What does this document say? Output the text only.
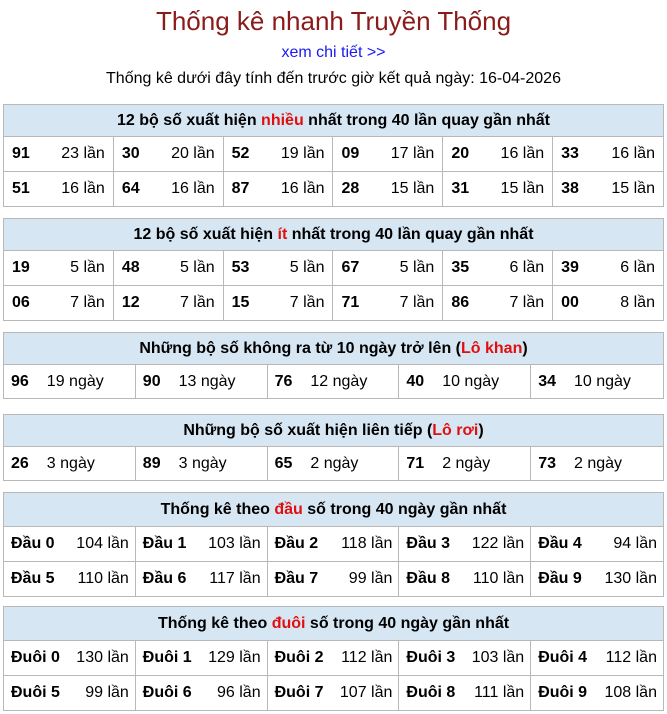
Thống kê nhanh Truyền Thống
xem chi tiết >>
Thống kê dưới đây tính đến trước giờ kết quả ngày: 16-04-2026
12 bộ số xuất hiện nhiều nhất trong 40 lần quay gần nhất
91 23 lần 30 20 lần 52 19 lần 09 17 lần 20 16 lần 33 16 lần
51 16 lần 64 16 lần 87 16 lần 28 15 lần 31 15 lần 38 15 lần
12 bộ số xuất hiện ít nhất trong 40 lần quay gần nhất
19	5 lần 48	5 lần 53	5 lần 67	5 lần 35	6 lần 39	6 lần
06	7 lần 12	7 lần 15	7 lần 71	7 lần 86	7 lần 00	8 lần
Những bộ số không ra từ 10 ngày trở lên (Lô khan)
96 19 ngày 90 13 ngày 76 12 ngày 40 10 ngày 34 10 ngày
Những bộ số xuất hiện liên tiếp (Lô rơi)
26 3 ngày	89 3 ngày	65 2 ngày	71 2 ngày	73 2 ngày
Thống kê theo đầu số trong 40 ngày gần nhất
Đầu 0 104 lần Đầu 1 103 lần Đầu 2 118 lần Đầu 3 122 lần Đầu 4 94 lần
Đầu 5 110 lần Đầu 6 117 lần Đầu 7 99 lần Đầu 8 110 lần Đầu 9 130 lần
Thống kê theo đuôi số trong 40 ngày gần nhất
Đuôi 0 130 lần Đuôi 1 129 lần Đuôi 2 112 lần Đuôi 3 103 lần Đuôi 4 112 lần
Đuôi 5 99 lần Đuôi 6 96 lần Đuôi 7 107 lần Đuôi 8 111 lần Đuôi 9 108 lần
